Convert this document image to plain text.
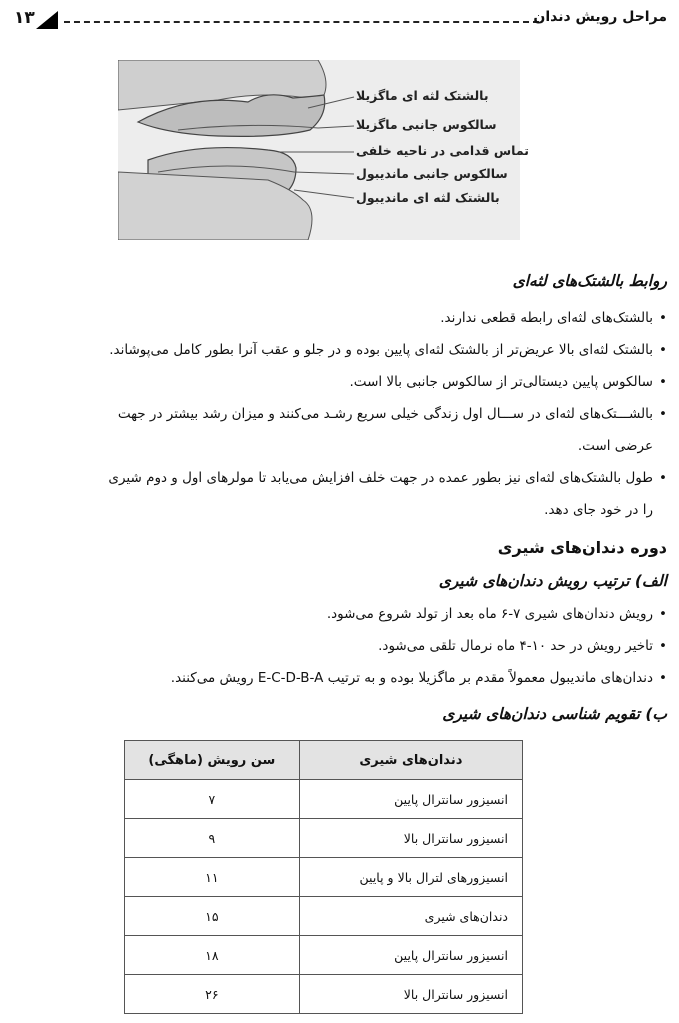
١٣	مراحل رویش دندان
بالشتک لثه ای ماگزیلا
سالکوس جانبی ماگزیلا
تماس قدامی در ناحیه خلفی
سالکوس جانبی مانديبول
بالشتک لثه ای مانديبول
روابط بالشتک‌های لثه‌ای
• بالشتک‌های لثه‌ای رابطه قطعی ندارند.
• بالشتک لثه‌ای بالا عریض‌تر از بالشتک لثه‌ای پایین بوده و در جلو و عقب آنرا بطور کامل می‌پوشاند.
• سالکوس پایین دیستالی‌تر از سالکوس جانبی بالا است.
• بالشـــتک‌های لثه‌ای در ســـال اول زندگی خیلی سریع رشـد می‌کنند و میزان رشد بیشتر در جهت
عرضی است.
• طول بالشتک‌های لثه‌ای نیز بطور عمده در جهت خلف افزایش می‌یابد تا مولرهای اول و دوم شیری
را در خود جای دهد.
دوره دندان‌های شیری
الف) ترتیب رویش دندان‌های شیری
• رویش دندان‌های شیری ۷-۶ ماه بعد از تولد شروع می‌شود.
• تاخیر رویش در حد ۱۰-۴ ماه نرمال تلقی می‌شود.
• دندان‌های مانديبول معمولاً مقدم بر ماگزیلا بوده و به ترتیب E-C-D-B-A رویش می‌کنند.
ب) تقویم شناسی دندان‌های شیری
دندان‌های شیری	سن رویش (ماهگی)
انسیزور سانترال پایین	۷
انسیزور سانترال بالا	۹
انسیزورهای لترال بالا و پایین	۱۱
دندان‌های شیری	۱۵
انسیزور سانترال پایین	۱۸
انسیزور سانترال بالا	۲۶
